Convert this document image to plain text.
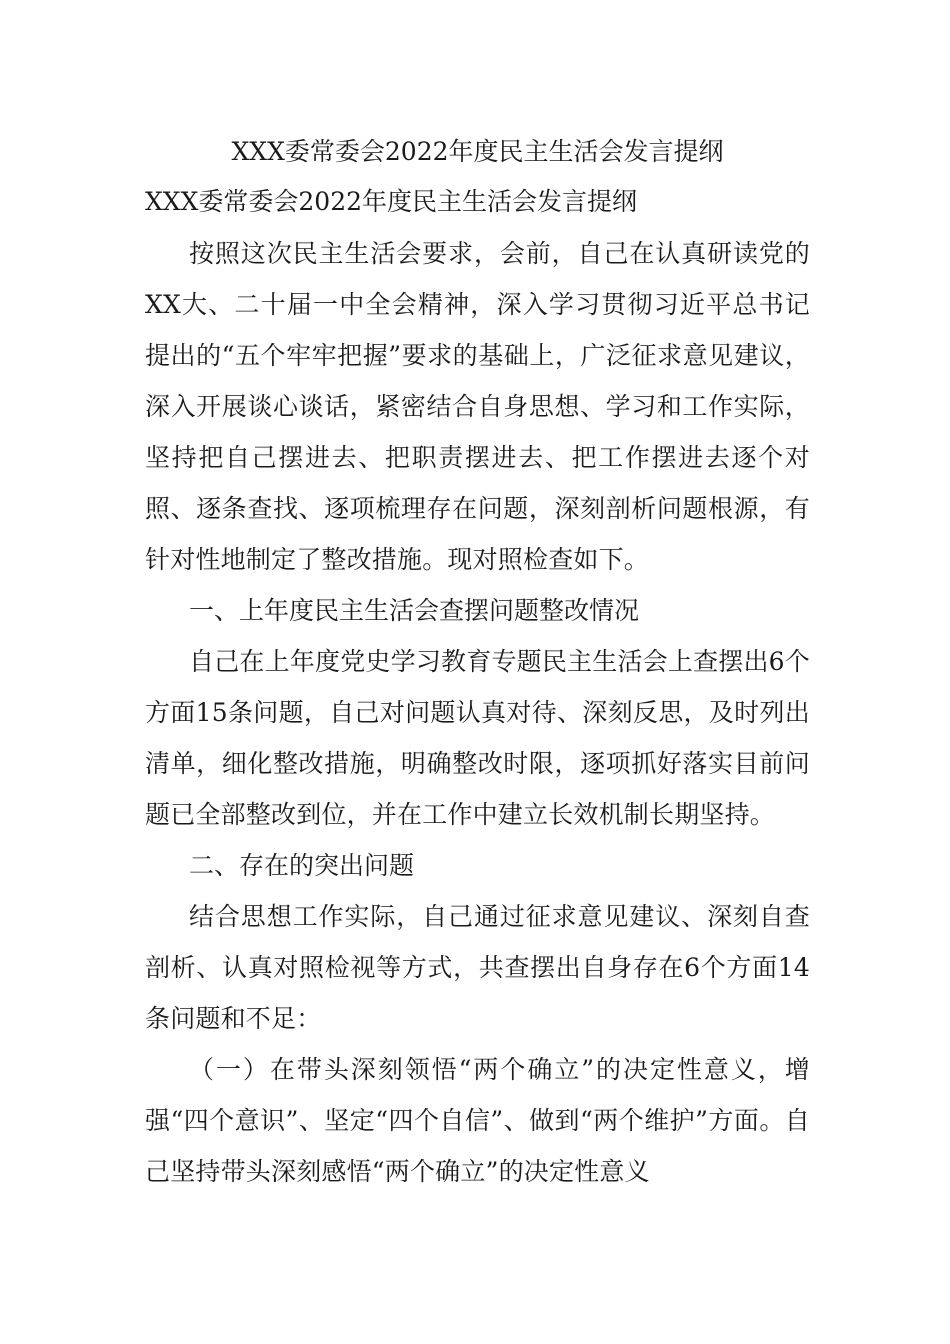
XXX委常委会2022年度民主生活会发言提纲
XXX委常委会2022年度民主生活会发言提纲

按照这次民主生活会要求，会前，自己在认真研读党的XX大、二十届一中全会精神，深入学习贯彻习近平总书记提出的“五个牢牢把握”要求的基础上，广泛征求意见建议，深入开展谈心谈话，紧密结合自身思想、学习和工作实际，坚持把自己摆进去、把职责摆进去、把工作摆进去逐个对照、逐条查找、逐项梳理存在问题，深刻剖析问题根源，有针对性地制定了整改措施。现对照检查如下。

一、上年度民主生活会查摆问题整改情况

自己在上年度党史学习教育专题民主生活会上查摆出6个方面15条问题，自己对问题认真对待、深刻反思，及时列出清单，细化整改措施，明确整改时限，逐项抓好落实目前问题已全部整改到位，并在工作中建立长效机制长期坚持。

二、存在的突出问题

结合思想工作实际，自己通过征求意见建议、深刻自查剖析、认真对照检视等方式，共查摆出自身存在6个方面14条问题和不足：

（一）在带头深刻领悟“两个确立”的决定性意义，增强“四个意识”、坚定“四个自信”、做到“两个维护”方面。自己坚持带头深刻感悟“两个确立”的决定性意义
